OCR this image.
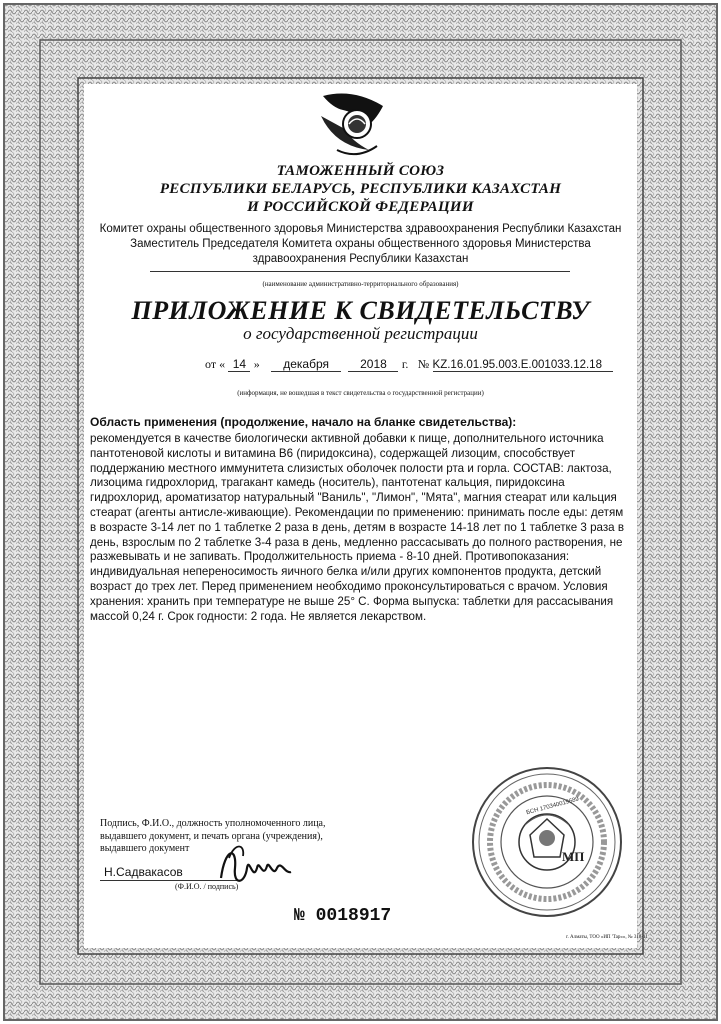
ТАМОЖЕННЫЙ СОЮЗ
РЕСПУБЛИКИ БЕЛАРУСЬ, РЕСПУБЛИКИ КАЗАХСТАН
И РОССИЙСКОЙ ФЕДЕРАЦИИ
Комитет охраны общественного здоровья Министерства здравоохранения Республики Казахстан
Заместитель Председателя Комитета охраны общественного здоровья Министерства
здравоохранения Республики Казахстан
(наименование административно-территориального образования)
ПРИЛОЖЕНИЕ К СВИДЕТЕЛЬСТВУ
о государственной регистрации
от « 14 » декабря	2018 г. № KZ.16.01.95.003.E.001033.12.18
(информация, не вошедшая в текст свидетельства о государственной регистрации)
Область применения (продолжение, начало на бланке свидетельства):
рекомендуется в качестве биологически активной добавки к пище, дополнительного источника
пантотеновой кислоты и витамина В6 (пиридоксина), содержащей лизоцим, способствует
поддержанию местного иммунитета слизистых оболочек полости рта и горла. СОСТАВ: лактоза,
лизоцима гидрохлорид, трагакант камедь (носитель), пантотенат кальция, пиридоксина
гидрохлорид, ароматизатор натуральный "Ваниль", "Лимон", "Мята", магния стеарат или кальция
стеарат (агенты антисле-живающие). Рекомендации по применению: принимать после еды: детям
в возрасте 3-14 лет по 1 таблетке 2 раза в день, детям в возрасте 14-18 лет по 1 таблетке 3 раза в
день, взрослым по 2 таблетке 3-4 раза в день, медленно рассасывать до полного растворения, не
разжевывать и не запивать. Продолжительность приема - 8-10 дней. Противопоказания:
индивидуальная непереносимость яичного белка и/или других компонентов продукта, детский
возраст до трех лет. Перед применением необходимо проконсультироваться с врачом. Условия
хранения: хранить при температуре не выше 25° С. Форма выпуска: таблетки для рассасывания
массой 0,24 г. Срок годности: 2 года. Не является лекарством.
Подпись, Ф.И.О., должность уполномоченного лица,
выдавшего документ, и печать органа (учреждения),
выдавшего документ
Н.Садвакасов
(Ф.И.О. / подпись)
№ 0018917
МП
БСН 170340019689
г. Алматы, ТОО «ИП 'Тар»», № 318-11
